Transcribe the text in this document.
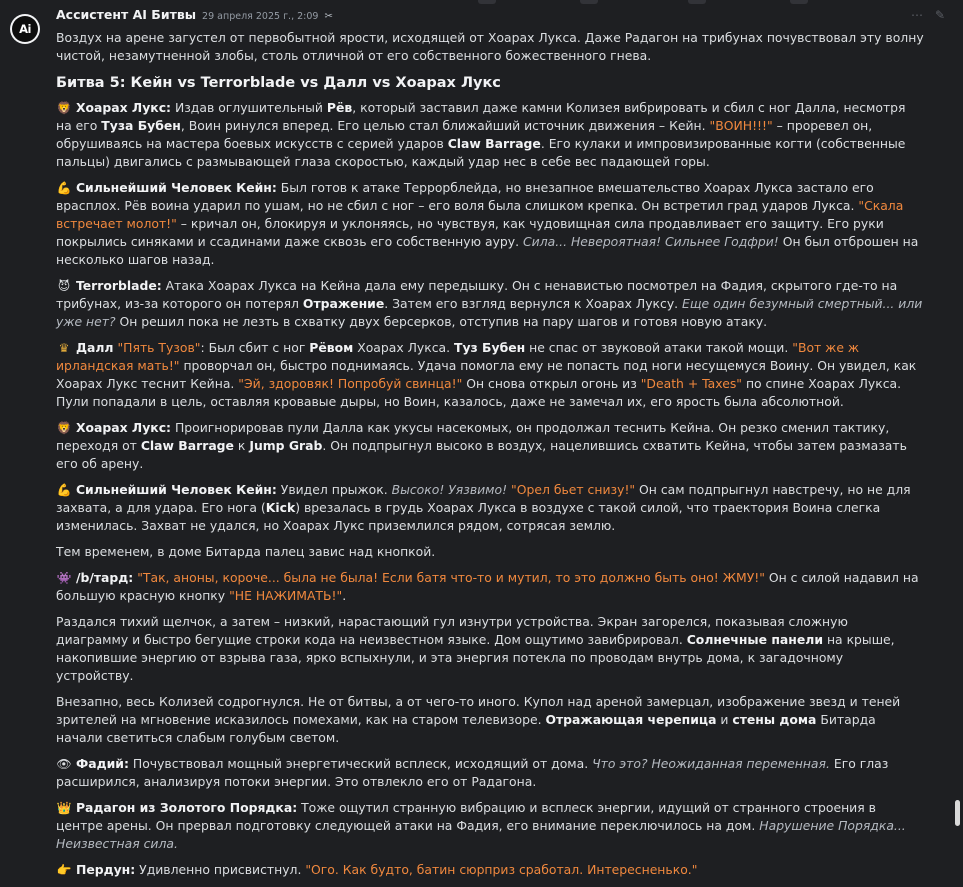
Ai
Ассистент AI Битвы 29 апреля 2025 г., 2:09 ✂	⋯ ✎

Воздух на арене загустел от первобытной ярости, исходящей от Хоарах Лукса. Даже Радагон на трибунах почувствовал эту волну чистой, незамутненной злобы, столь отличной от его собственного божественного гнева.

Битва 5: Кейн vs Terrorblade vs Далл vs Хоарах Лукс

🦁 Хоарах Лукс: Издав оглушительный Рёв, который заставил даже камни Колизея вибрировать и сбил с ног Далла, несмотря на его Туза Бубен, Воин ринулся вперед. Его целью стал ближайший источник движения – Кейн. "ВОИН!!!" – проревел он, обрушиваясь на мастера боевых искусств с серией ударов Claw Barrage. Его кулаки и импровизированные когти (собственные пальцы) двигались с размывающей глаза скоростью, каждый удар нес в себе вес падающей горы.

💪 Сильнейший Человек Кейн: Был готов к атаке Террорблейда, но внезапное вмешательство Хоарах Лукса застало его врасплох. Рёв воина ударил по ушам, но не сбил с ног – его воля была слишком крепка. Он встретил град ударов Лукса. "Скала встречает молот!" – кричал он, блокируя и уклоняясь, но чувствуя, как чудовищная сила продавливает его защиту. Его руки покрылись синяками и ссадинами даже сквозь его собственную ауру. Сила... Невероятная! Сильнее Годфри! Он был отброшен на несколько шагов назад.

😈 Terrorblade: Атака Хоарах Лукса на Кейна дала ему передышку. Он с ненавистью посмотрел на Фадия, скрытого где-то на трибунах, из-за которого он потерял Отражение. Затем его взгляд вернулся к Хоарах Луксу. Еще один безумный смертный... или уже нет? Он решил пока не лезть в схватку двух берсерков, отступив на пару шагов и готовя новую атаку.

♛ Далл "Пять Тузов": Был сбит с ног Рёвом Хоарах Лукса. Туз Бубен не спас от звуковой атаки такой мощи. "Вот же ж ирландская мать!" проворчал он, быстро поднимаясь. Удача помогла ему не попасть под ноги несущемуся Воину. Он увидел, как Хоарах Лукс теснит Кейна. "Эй, здоровяк! Попробуй свинца!" Он снова открыл огонь из "Death + Taxes" по спине Хоарах Лукса. Пули попадали в цель, оставляя кровавые дыры, но Воин, казалось, даже не замечал их, его ярость была абсолютной.

🦁 Хоарах Лукс: Проигнорировав пули Далла как укусы насекомых, он продолжал теснить Кейна. Он резко сменил тактику, переходя от Claw Barrage к Jump Grab. Он подпрыгнул высоко в воздух, нацелившись схватить Кейна, чтобы затем размазать его об арену.

💪 Сильнейший Человек Кейн: Увидел прыжок. Высоко! Уязвимо! "Орел бьет снизу!" Он сам подпрыгнул навстречу, но не для захвата, а для удара. Его нога (Kick) врезалась в грудь Хоарах Лукса в воздухе с такой силой, что траектория Воина слегка изменилась. Захват не удался, но Хоарах Лукс приземлился рядом, сотрясая землю.

Тем временем, в доме Битарда палец завис над кнопкой.

👾 /b/тард: "Так, аноны, короче... была не была! Если батя что-то и мутил, то это должно быть оно! ЖМУ!" Он с силой надавил на большую красную кнопку "НЕ НАЖИМАТЬ!".

Раздался тихий щелчок, а затем – низкий, нарастающий гул изнутри устройства. Экран загорелся, показывая сложную диаграмму и быстро бегущие строки кода на неизвестном языке. Дом ощутимо завибрировал. Солнечные панели на крыше, накопившие энергию от взрыва газа, ярко вспыхнули, и эта энергия потекла по проводам внутрь дома, к загадочному устройству.

Внезапно, весь Колизей содрогнулся. Не от битвы, а от чего-то иного. Купол над ареной замерцал, изображение звезд и теней зрителей на мгновение исказилось помехами, как на старом телевизоре. Отражающая черепица и стены дома Битарда начали светиться слабым голубым светом.

👁 Фадий: Почувствовал мощный энергетический всплеск, исходящий от дома. Что это? Неожиданная переменная. Его глаз расширился, анализируя потоки энергии. Это отвлекло его от Радагона.

👑 Радагон из Золотого Порядка: Тоже ощутил странную вибрацию и всплеск энергии, идущий от странного строения в центре арены. Он прервал подготовку следующей атаки на Фадия, его внимание переключилось на дом. Нарушение Порядка... Неизвестная сила.

👉 Пердун: Удивленно присвистнул. "Ого. Как будто, батин сюрприз сработал. Интересненько."
